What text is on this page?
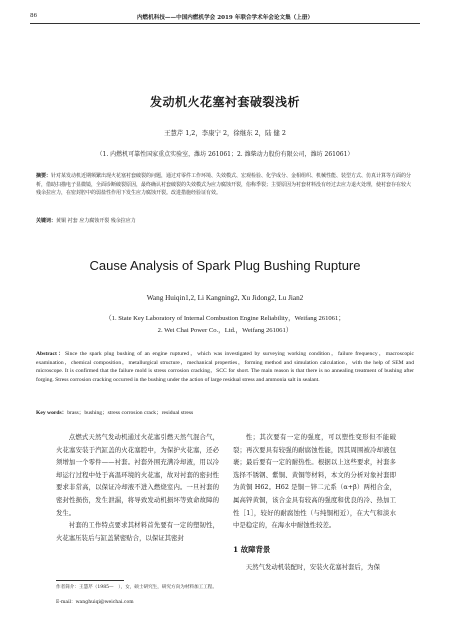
86	内燃机科技——中国内燃机学会 2019 年联合学术年会论文集（上册）
发动机火花塞衬套破裂浅析
王慧芹 1,2，李康宁 2，徐继东 2，陆 健 2
（1. 内燃机可靠性国家重点实验室，潍坊 261061；2. 潍柴动力股份有限公司，潍坊 261061）
摘要：针对某发动机近期频繁出现火花塞衬套破裂的问题，通过对零件工作环境、失效模式、宏观检验、化学成分、金相组织、机械性能、装型方式、仿真计算等方面的分析，借助扫描电子显微镜，全面诊断破裂原因，最终确认衬套破裂的失效模式为应力腐蚀开裂，俗称季裂；主要原因为衬套材料没有经过去应力退火处理，使衬套存在较大残余拉应力，在密封腔中的弱盐性作用下发生应力腐蚀开裂。改进措施经验证有效。
关键词：黄铜 衬套 应力腐蚀开裂 残余拉应力
Cause Analysis of Spark Plug Bushing Rupture
Wang Huiqin1,2, Li Kangning2, Xu Jidong2, Lu Jian2
（1. State Key Laboratory of Internal Combustion Engine Reliability，Weifang 261061；
2. Wei Chai Power Co.，Ltd.，Weifang 261061）
Abstract：Since the spark plug bushing of an engine ruptured，which was investigated by surveying working condition，failure frequency，macroscopic examination，chemical composition，metallurgical structure，mechanical properties，forming method and simulation calculation，with the help of SEM and microscope. It is confirmed that the failure mold is stress corrosion cracking，SCC for short. The main reason is that there is no annealing treatment of bushing after forging. Stress corrosion cracking occurred in the bushing under the action of large residual stress and ammonia salt in sealant.
Key words：brass；bushing；stress corrosion crack；residual stress

点燃式天然气发动机通过火花塞引燃天然气混合气，火花塞安装于汽缸盖的火花塞腔中，为保护火花塞，还必须增加一个零件——衬套。衬套外围充满冷却液，用以冷却运行过程中处于高温环境的火花塞，故对衬套的密封性要求非常高，以保证冷却液不进入燃烧室内。一旦衬套的密封性损伤，发生泄漏，将导致发动机损坏等致命故障的发生。

衬套的工作特点要求其材料首先要有一定的塑韧性，火花塞压装后与缸盖紧密贴合，以保证其密封

性；其次要有一定的强度，可以塑性变形但不能破裂；再次要具有较强的耐腐蚀性能，因其周围被冷却液包裹；最后要有一定的耐热性。根据以上这些要求，衬套多选择不锈钢、紫铜、黄铜等材料，本文的分析对象衬套即为黄铜 H62。H62 是铜－锌二元系（α+β）两相合金，属高锌黄铜，该合金具有较高的强度和优良的冷、热加工性［1］，较好的耐腐蚀性（与纯铜相近），在大气和淡水中是稳定的，在海水中耐蚀性较差。

1 故障背景
天然气发动机装配时，安装火花塞衬套后，为保
作者简介：王慧芹（1985—　），女，硕士研究生，研究方向为材料加工工程。
E-mail：wanghuiqi@weichai.com
